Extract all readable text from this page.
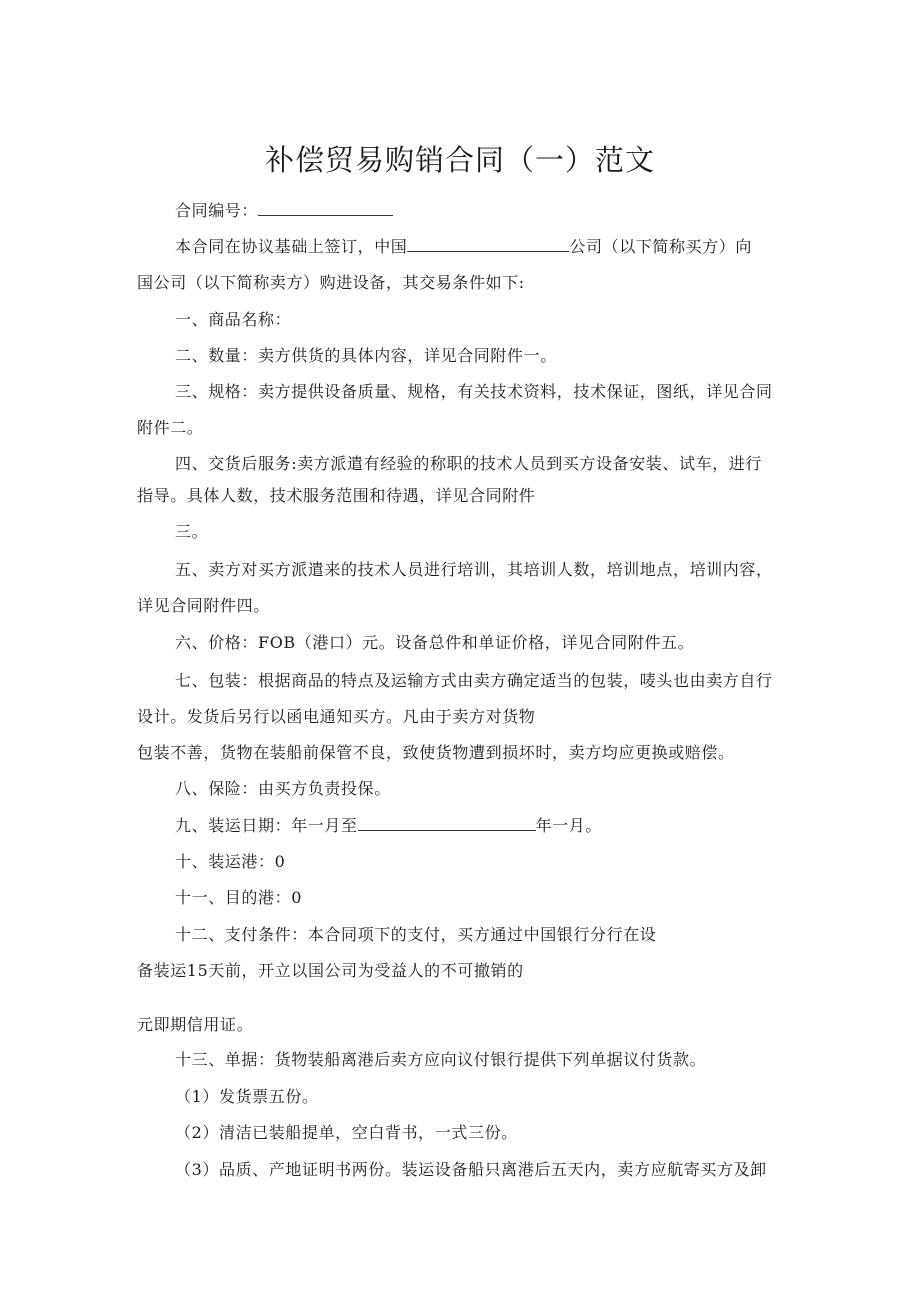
补偿贸易购销合同（一）范文

合同编号：

本合同在协议基础上签订，中国	公司（以下简称买方）向

国公司（以下简称卖方）购进设备，其交易条件如下:

一、商品名称：

二、数量：卖方供货的具体内容，详见合同附件一。

三、规格：卖方提供设备质量、规格，有关技术资料，技术保证，图纸，详见合同

附件二。

四、交货后服务:卖方派遣有经验的称职的技术人员到买方设备安装、试车，进行

指导。具体人数，技术服务范围和待遇，详见合同附件

三。

五、卖方对买方派遣来的技术人员进行培训，其培训人数，培训地点，培训内容，

详见合同附件四。

六、价格：FOB（港口）元。设备总件和单证价格，详见合同附件五。

七、包装：根据商品的特点及运输方式由卖方确定适当的包装，唛头也由卖方自行

设计。发货后另行以函电通知买方。凡由于卖方对货物

包装不善，货物在装船前保管不良，致使货物遭到损坏时，卖方均应更换或赔偿。

八、保险：由买方负责投保。

九、装运日期：年一月至	年一月。

十、装运港：0

十一、目的港：0

十二、支付条件：本合同项下的支付，买方通过中国银行分行在设

备装运15天前，开立以国公司为受益人的不可撤销的

元即期信用证。

十三、单据：货物装船离港后卖方应向议付银行提供下列单据议付货款。

（1）发货票五份。

（2）清洁已装船提单，空白背书，一式三份。

（3）品质、产地证明书两份。装运设备船只离港后五天内，卖方应航寄买方及卸
